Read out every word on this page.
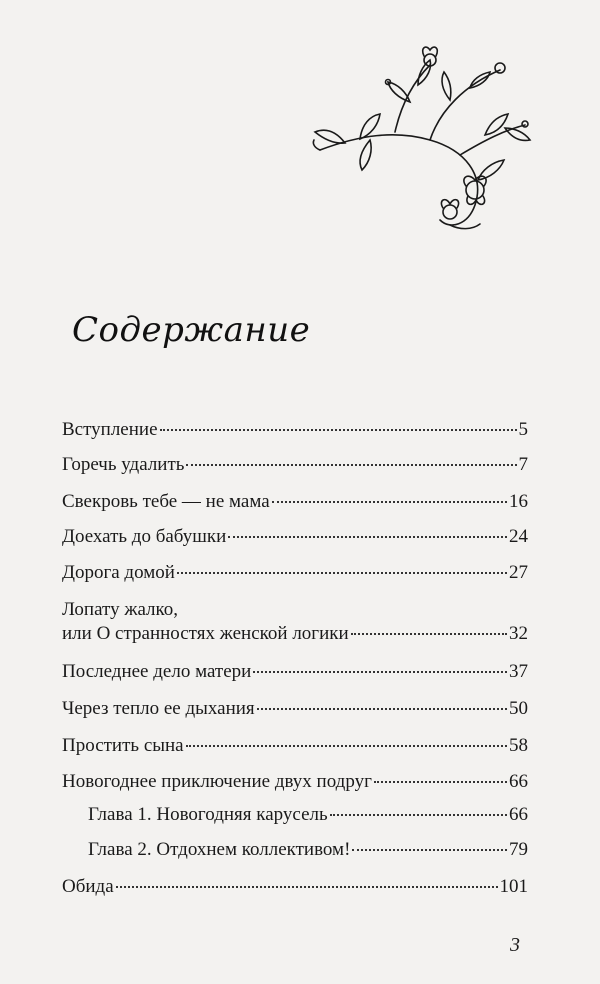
Содержание
Вступление	5
Горечь удалить	7
Свекровь тебе — не мама	16
Доехать до бабушки	24
Дорога домой	27
Лопату жалко,
или О странностях женской логики	32
Последнее дело матери	37
Через тепло ее дыхания	50
Простить сына	58
Новогоднее приключение двух подруг	66
Глава 1. Новогодняя карусель	66
Глава 2. Отдохнем коллективом!	79
Обида	101
3
